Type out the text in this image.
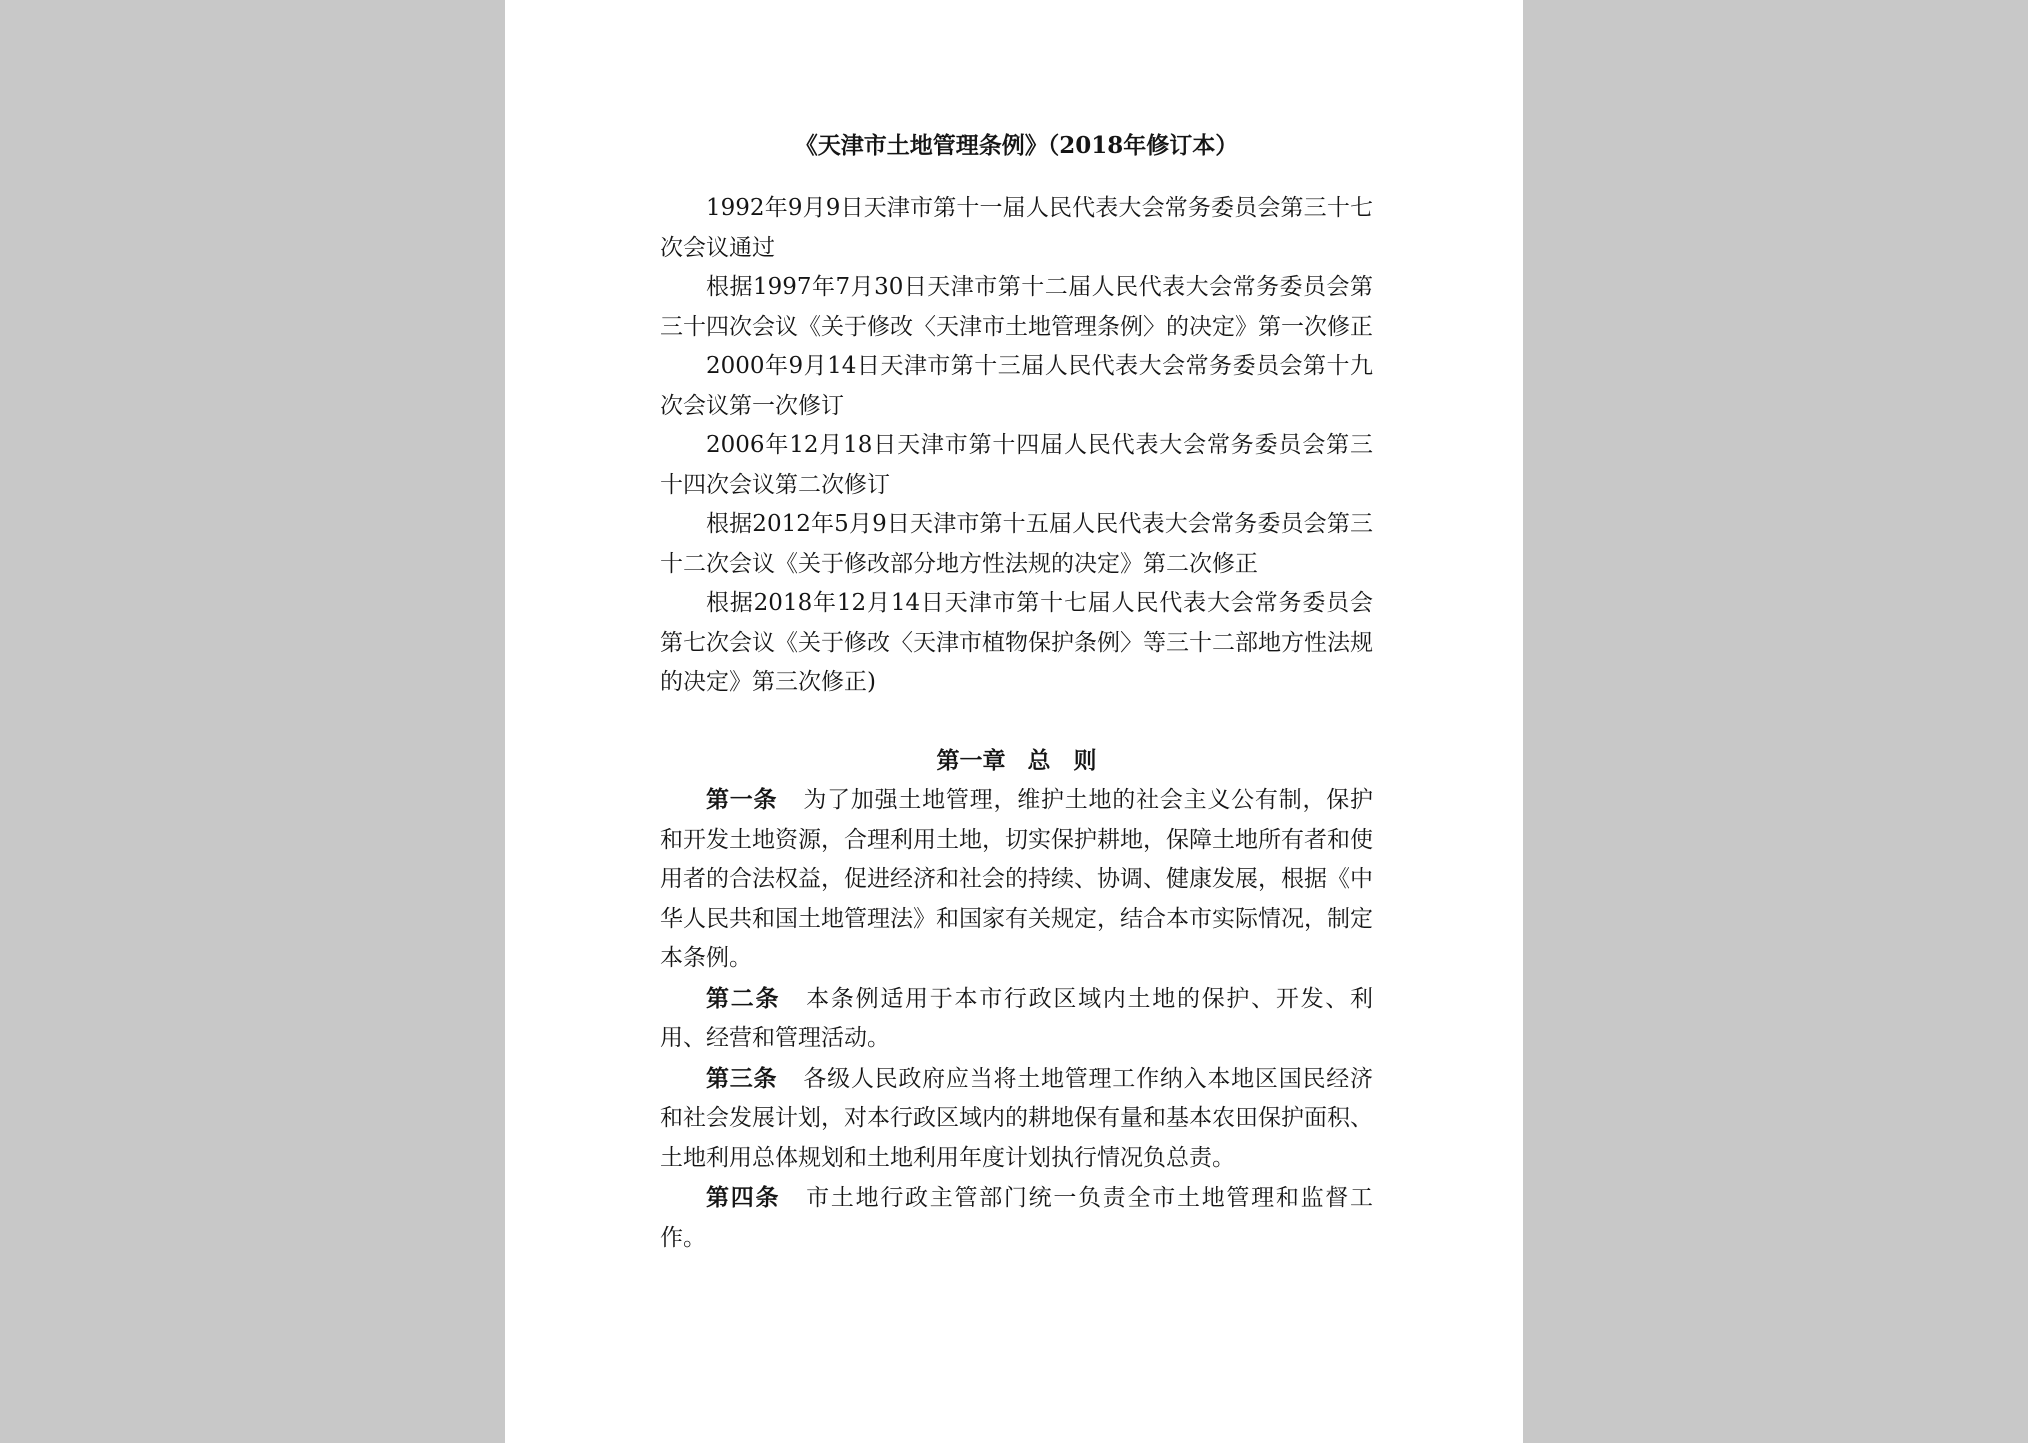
《天津市土地管理条例》（2018年修订本）

1992年9月9日天津市第十一届人民代表大会常务委员会第三十七次会议通过

根据1997年7月30日天津市第十二届人民代表大会常务委员会第三十四次会议《关于修改〈天津市土地管理条例〉的决定》第一次修正

2000年9月14日天津市第十三届人民代表大会常务委员会第十九次会议第一次修订

2006年12月18日天津市第十四届人民代表大会常务委员会第三十四次会议第二次修订

根据2012年5月9日天津市第十五届人民代表大会常务委员会第三十二次会议《关于修改部分地方性法规的决定》第二次修正

根据2018年12月14日天津市第十七届人民代表大会常务委员会第七次会议《关于修改〈天津市植物保护条例〉等三十二部地方性法规的决定》第三次修正)

第一章 总　则

第一条 为了加强土地管理，维护土地的社会主义公有制，保护和开发土地资源，合理利用土地，切实保护耕地，保障土地所有者和使用者的合法权益，促进经济和社会的持续、协调、健康发展，根据《中华人民共和国土地管理法》和国家有关规定，结合本市实际情况，制定本条例。

第二条 本条例适用于本市行政区域内土地的保护、开发、利用、经营和管理活动。

第三条 各级人民政府应当将土地管理工作纳入本地区国民经济和社会发展计划，对本行政区域内的耕地保有量和基本农田保护面积、土地利用总体规划和土地利用年度计划执行情况负总责。

第四条 市土地行政主管部门统一负责全市土地管理和监督工作。
